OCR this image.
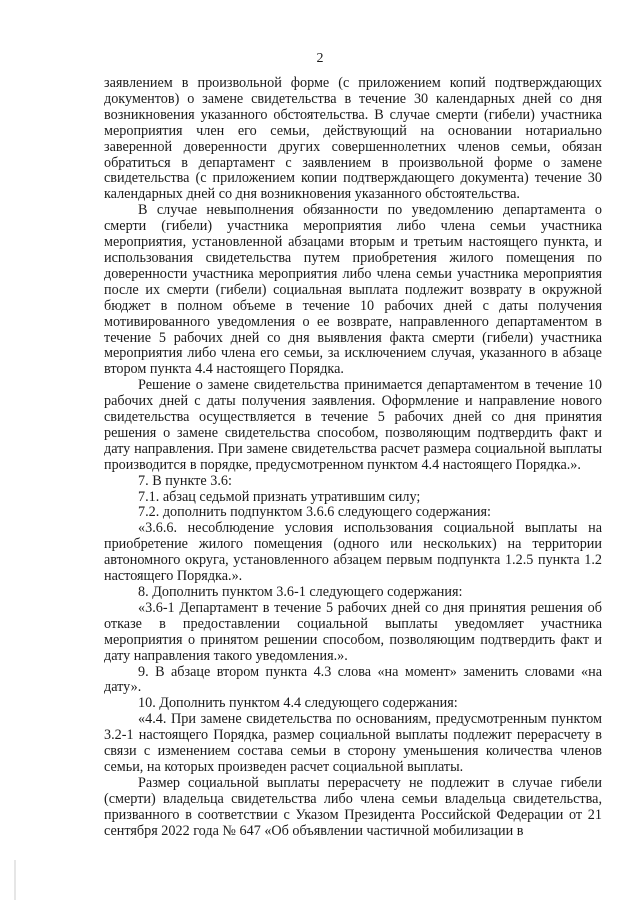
2

заявлением в произвольной форме (с приложением копий подтверждающих документов) о замене свидетельства в течение 30 календарных дней со дня возникновения указанного обстоятельства. В случае смерти (гибели) участника мероприятия член его семьи, действующий на основании нотариально заверенной доверенности других совершеннолетних членов семьи, обязан обратиться в департамент с заявлением в произвольной форме о замене свидетельства (с приложением копии подтверждающего документа) течение 30 календарных дней со дня возникновения указанного обстоятельства.

В случае невыполнения обязанности по уведомлению департамента о смерти (гибели) участника мероприятия либо члена семьи участника мероприятия, установленной абзацами вторым и третьим настоящего пункта, и использования свидетельства путем приобретения жилого помещения по доверенности участника мероприятия либо члена семьи участника мероприятия после их смерти (гибели) социальная выплата подлежит возврату в окружной бюджет в полном объеме в течение 10 рабочих дней с даты получения мотивированного уведомления о ее возврате, направленного департаментом в течение 5 рабочих дней со дня выявления факта смерти (гибели) участника мероприятия либо члена его семьи, за исключением случая, указанного в абзаце втором пункта 4.4 настоящего Порядка.

Решение о замене свидетельства принимается департаментом в течение 10 рабочих дней с даты получения заявления. Оформление и направление нового свидетельства осуществляется в течение 5 рабочих дней со дня принятия решения о замене свидетельства способом, позволяющим подтвердить факт и дату направления. При замене свидетельства расчет размера социальной выплаты производится в порядке, предусмотренном пунктом 4.4 настоящего Порядка.».

7. В пункте 3.6:

7.1. абзац седьмой признать утратившим силу;

7.2. дополнить подпунктом 3.6.6 следующего содержания:

«3.6.6. несоблюдение условия использования социальной выплаты на приобретение жилого помещения (одного или нескольких) на территории автономного округа, установленного абзацем первым подпункта 1.2.5 пункта 1.2 настоящего Порядка.».

8. Дополнить пунктом 3.6-1 следующего содержания:

«3.6-1 Департамент в течение 5 рабочих дней со дня принятия решения об отказе в предоставлении социальной выплаты уведомляет участника мероприятия о принятом решении способом, позволяющим подтвердить факт и дату направления такого уведомления.».

9. В абзаце втором пункта 4.3 слова «на момент» заменить словами «на дату».

10. Дополнить пунктом 4.4 следующего содержания:

«4.4. При замене свидетельства по основаниям, предусмотренным пунктом 3.2-1 настоящего Порядка, размер социальной выплаты подлежит перерасчету в связи с изменением состава семьи в сторону уменьшения количества членов семьи, на которых произведен расчет социальной выплаты.

Размер социальной выплаты перерасчету не подлежит в случае гибели (смерти) владельца свидетельства либо члена семьи владельца свидетельства, призванного в соответствии с Указом Президента Российской Федерации от 21 сентября 2022 года № 647 «Об объявлении частичной мобилизации в
